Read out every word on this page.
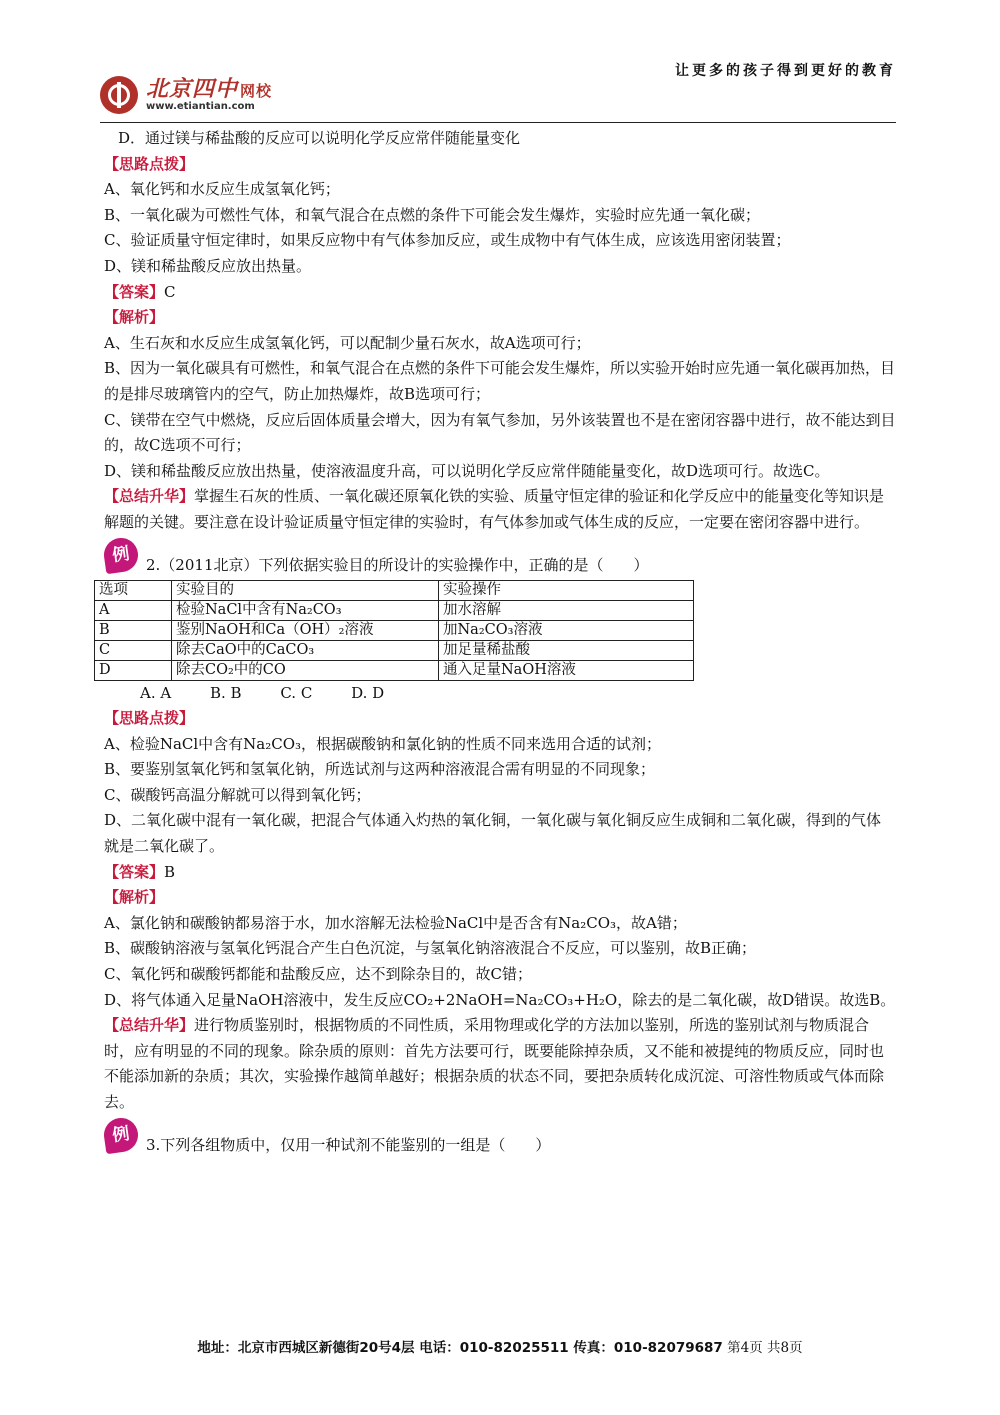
让更多的孩子得到更好的教育
北京四中 网校
www.etiantian.com

D．通过镁与稀盐酸的反应可以说明化学反应常伴随能量变化

【思路点拨】

A、氧化钙和水反应生成氢氧化钙；

B、一氧化碳为可燃性气体，和氧气混合在点燃的条件下可能会发生爆炸，实验时应先通一氧化碳；

C、验证质量守恒定律时，如果反应物中有气体参加反应，或生成物中有气体生成，应该选用密闭装置；

D、镁和稀盐酸反应放出热量。

【答案】C

【解析】

A、生石灰和水反应生成氢氧化钙，可以配制少量石灰水，故A选项可行；

B、因为一氧化碳具有可燃性，和氧气混合在点燃的条件下可能会发生爆炸，所以实验开始时应先通一氧化碳再加热，目的是排尽玻璃管内的空气，防止加热爆炸，故B选项可行；

C、镁带在空气中燃烧，反应后固体质量会增大，因为有氧气参加，另外该装置也不是在密闭容器中进行，故不能达到目的，故C选项不可行；

D、镁和稀盐酸反应放出热量，使溶液温度升高，可以说明化学反应常伴随能量变化，故D选项可行。故选C。

【总结升华】掌握生石灰的性质、一氧化碳还原氧化铁的实验、质量守恒定律的验证和化学反应中的能量变化等知识是解题的关键。要注意在设计验证质量守恒定律的实验时，有气体参加或气体生成的反应，一定要在密闭容器中进行。

例	2.（2011北京）下列依据实验目的所设计的实验操作中，正确的是（　　）
选项	实验目的	实验操作
A	检验NaCl中含有Na₂CO₃	加水溶解
B	鉴别NaOH和Ca（OH）₂溶液	加Na₂CO₃溶液
C	除去CaO中的CaCO₃	加足量稀盐酸
D	除去CO₂中的CO	通入足量NaOH溶液

A. A	B. B	C. C	D. D

【思路点拨】

A、检验NaCl中含有Na₂CO₃，根据碳酸钠和氯化钠的性质不同来选用合适的试剂；

B、要鉴别氢氧化钙和氢氧化钠，所选试剂与这两种溶液混合需有明显的不同现象；

C、碳酸钙高温分解就可以得到氧化钙；

D、二氧化碳中混有一氧化碳，把混合气体通入灼热的氧化铜，一氧化碳与氧化铜反应生成铜和二氧化碳，得到的气体就是二氧化碳了。

【答案】B

【解析】

A、氯化钠和碳酸钠都易溶于水，加水溶解无法检验NaCl中是否含有Na₂CO₃，故A错；

B、碳酸钠溶液与氢氧化钙混合产生白色沉淀，与氢氧化钠溶液混合不反应，可以鉴别，故B正确；

C、氧化钙和碳酸钙都能和盐酸反应，达不到除杂目的，故C错；

D、将气体通入足量NaOH溶液中，发生反应CO₂+2NaOH=Na₂CO₃+H₂O，除去的是二氧化碳，故D错误。故选B。

【总结升华】进行物质鉴别时，根据物质的不同性质，采用物理或化学的方法加以鉴别，所选的鉴别试剂与物质混合时，应有明显的不同的现象。除杂质的原则：首先方法要可行，既要能除掉杂质，又不能和被提纯的物质反应，同时也不能添加新的杂质；其次，实验操作越简单越好；根据杂质的状态不同，要把杂质转化成沉淀、可溶性物质或气体而除去。

例	3.下列各组物质中，仅用一种试剂不能鉴别的一组是（　　）
地址：北京市西城区新德街20号4层 电话：010-82025511 传真：010-82079687 第4页 共8页
